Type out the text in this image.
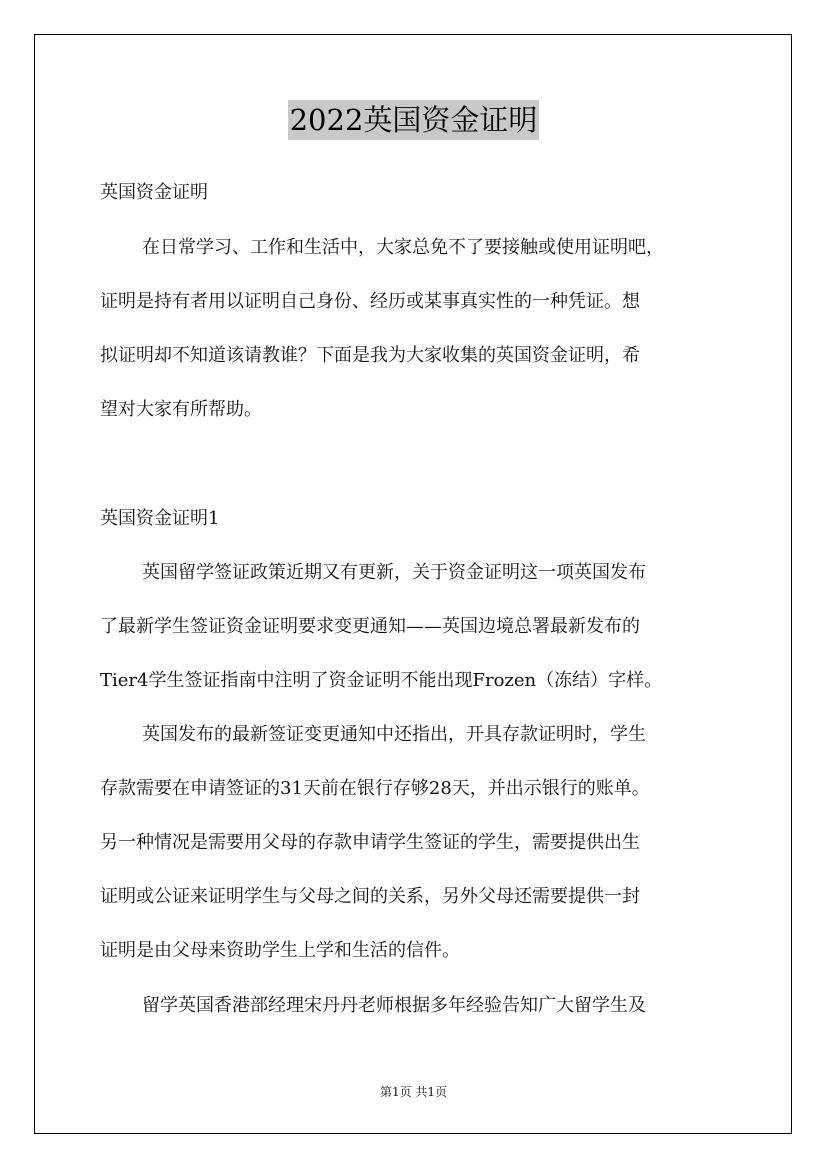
2022英国资金证明
英国资金证明
在日常学习、工作和生活中，大家总免不了要接触或使用证明吧，
证明是持有者用以证明自己身份、经历或某事真实性的一种凭证。想
拟证明却不知道该请教谁？下面是我为大家收集的英国资金证明，希
望对大家有所帮助。
英国资金证明1
英国留学签证政策近期又有更新，关于资金证明这一项英国发布
了最新学生签证资金证明要求变更通知——英国边境总署最新发布的
Tier4学生签证指南中注明了资金证明不能出现Frozen（冻结）字样。
英国发布的最新签证变更通知中还指出，开具存款证明时，学生
存款需要在申请签证的31天前在银行存够28天，并出示银行的账单。
另一种情况是需要用父母的存款申请学生签证的学生，需要提供出生
证明或公证来证明学生与父母之间的关系，另外父母还需要提供一封
证明是由父母来资助学生上学和生活的信件。
留学英国香港部经理宋丹丹老师根据多年经验告知广大留学生及
第1页 共1页
